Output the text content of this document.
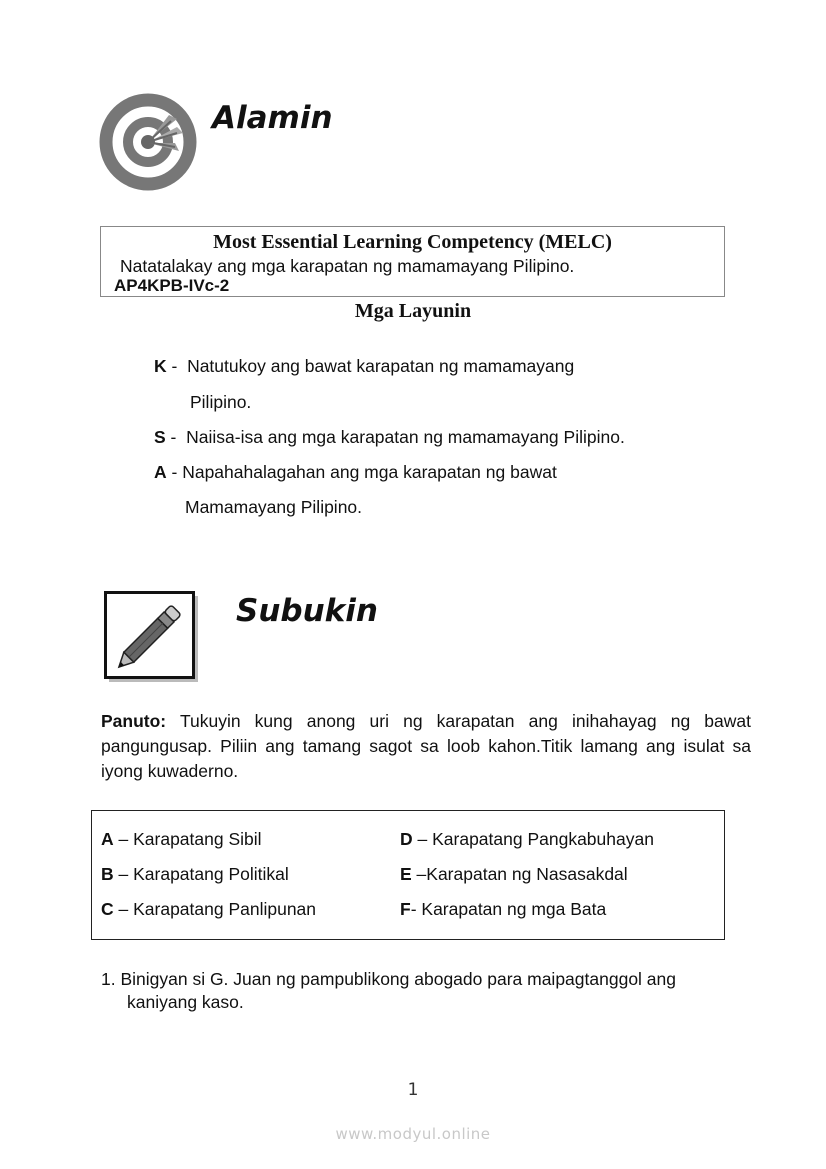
Alamin
Most Essential Learning Competency (MELC)
Natatalakay ang mga karapatan ng mamamayang Pilipino.
AP4KPB-IVc-2
Mga Layunin
K -  Natutukoy ang bawat karapatan ng mamamayang
Pilipino.
S -  Naiisa-isa ang mga karapatan ng mamamayang Pilipino.
A - Napahahalagahan ang mga karapatan ng bawat
Mamamayang Pilipino.
Subukin
Panuto: Tukuyin kung anong uri ng karapatan ang inihahayag ng bawat pangungusap. Piliin ang tamang sagot sa loob kahon.Titik lamang ang isulat sa iyong kuwaderno.
A – Karapatang Sibil
B – Karapatang Politikal
C – Karapatang Panlipunan
D – Karapatang Pangkabuhayan
E –Karapatan ng Nasasakdal
F- Karapatan ng mga Bata
1. Binigyan si G. Juan ng pampublikong abogado para maipagtanggol ang
kaniyang kaso.
1
www.modyul.online
